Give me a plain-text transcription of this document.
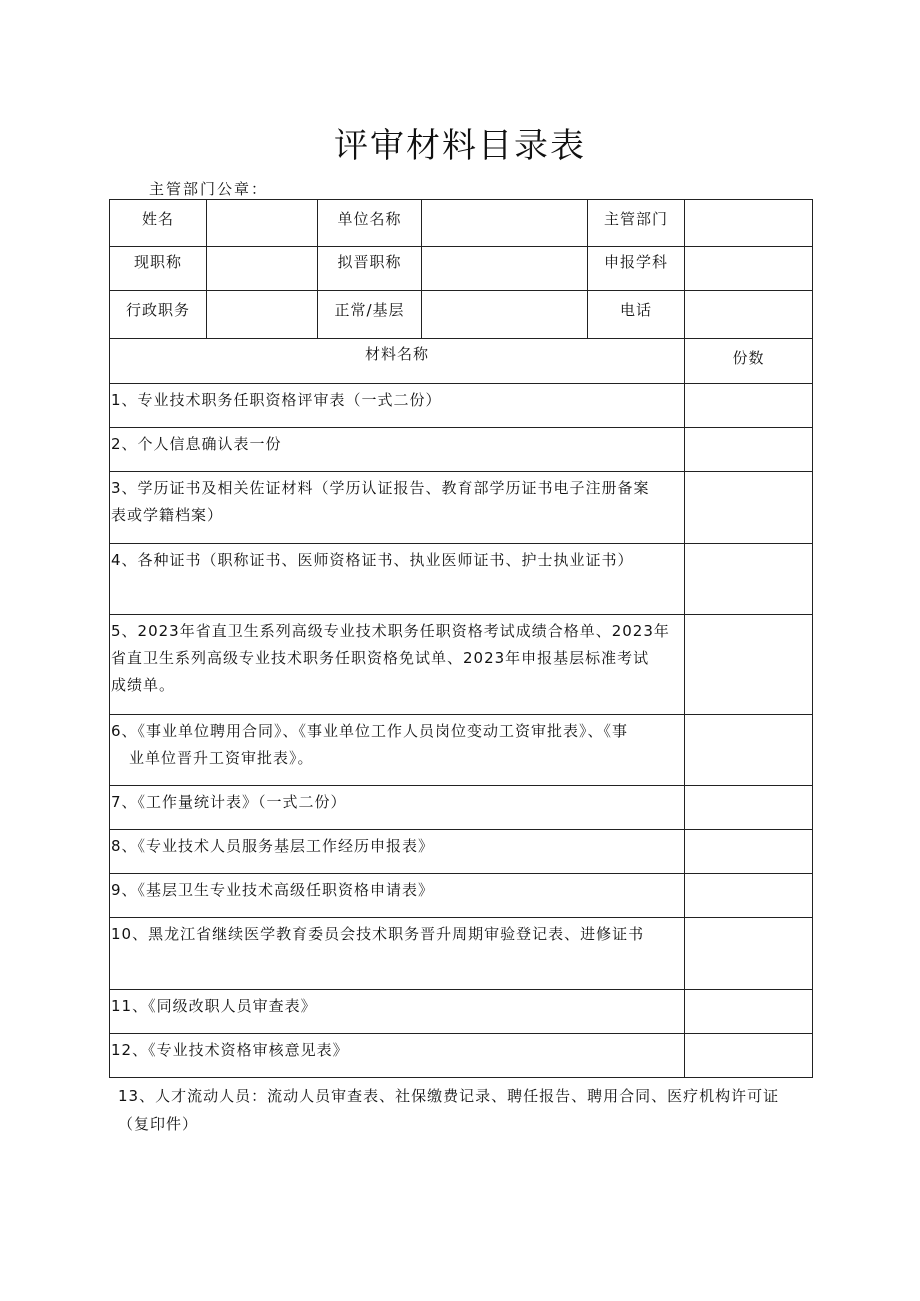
评审材料目录表
主管部门公章：
姓名		单位名称		主管部门	
现职称		拟晋职称		申报学科	
行政职务		正常/基层		电话	
材料名称					份数

1、专业技术职务任职资格评审表（一式二份）					

2、个人信息确认表一份					

3、学历证书及相关佐证材料（学历认证报告、教育部学历证书电子注册备案
表或学籍档案）					

4、各种证书（职称证书、医师资格证书、执业医师证书、护士执业证书）					

5、2023年省直卫生系列高级专业技术职务任职资格考试成绩合格单、2023年
省直卫生系列高级专业技术职务任职资格免试单、2023年申报基层标准考试
成绩单。					

6、《事业单位聘用合同》、《事业单位工作人员岗位变动工资审批表》、《事
业单位晋升工资审批表》。					

7、《工作量统计表》（一式二份）					

8、《专业技术人员服务基层工作经历申报表》					

9、《基层卫生专业技术高级任职资格申请表》					

10、黑龙江省继续医学教育委员会技术职务晋升周期审验登记表、进修证书					

11、《同级改职人员审查表》					

12、《专业技术资格审核意见表》					

13、人才流动人员：流动人员审查表、社保缴费记录、聘任报告、聘用合同、医疗机构许可证（复印件）
